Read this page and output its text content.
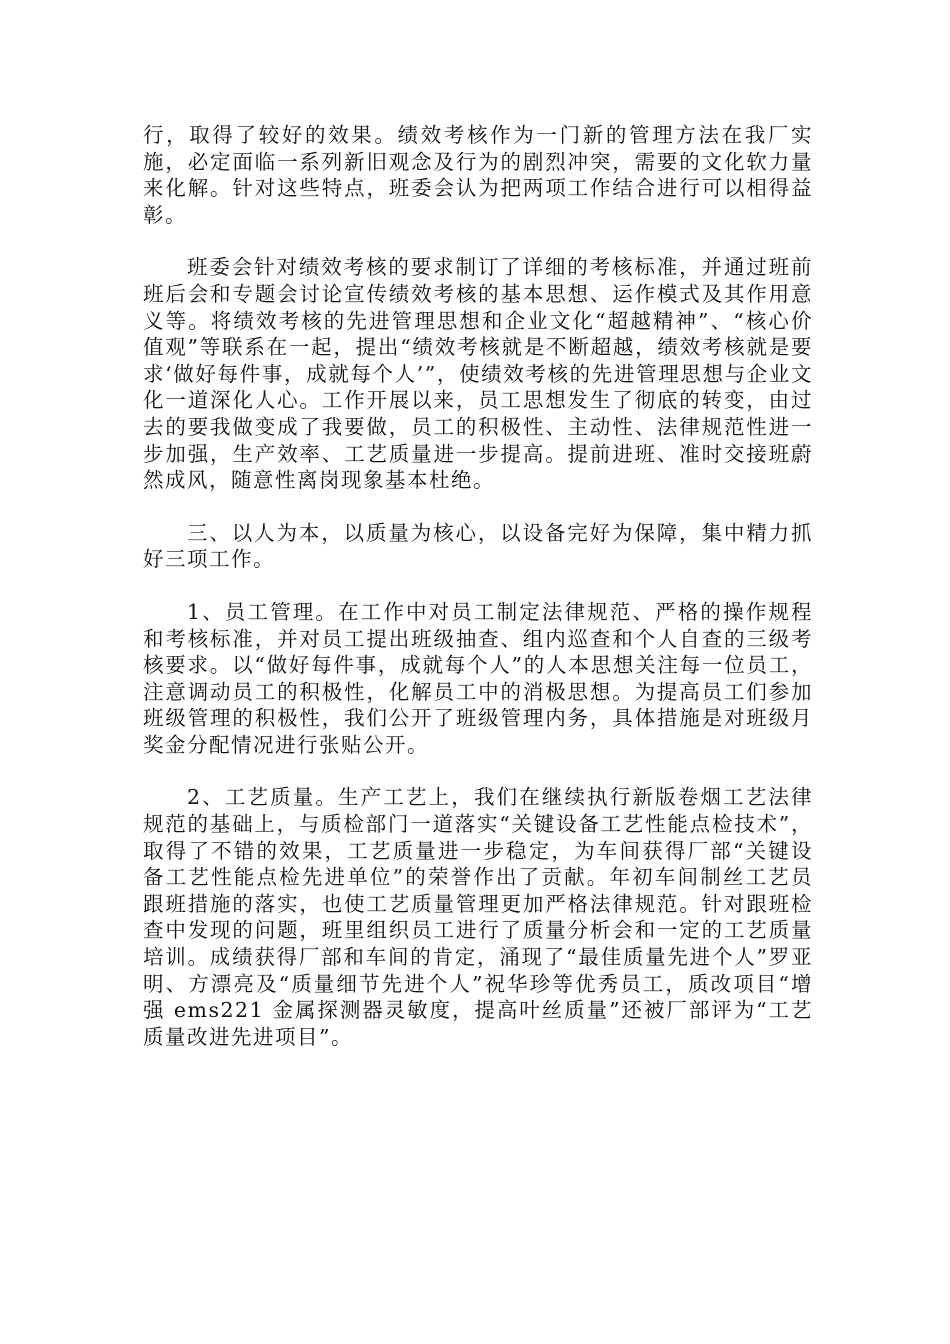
行，取得了较好的效果。绩效考核作为一门新的管理方法在我厂实施，必定面临一系列新旧观念及行为的剧烈冲突，需要的文化软力量来化解。针对这些特点，班委会认为把两项工作结合进行可以相得益彰。

班委会针对绩效考核的要求制订了详细的考核标准，并通过班前班后会和专题会讨论宣传绩效考核的基本思想、运作模式及其作用意义等。将绩效考核的先进管理思想和企业文化“超越精神”、“核心价值观”等联系在一起，提出“绩效考核就是不断超越，绩效考核就是要求‘做好每件事，成就每个人’”，使绩效考核的先进管理思想与企业文化一道深化人心。工作开展以来，员工思想发生了彻底的转变，由过去的要我做变成了我要做，员工的积极性、主动性、法律规范性进一步加强，生产效率、工艺质量进一步提高。提前进班、准时交接班蔚然成风，随意性离岗现象基本杜绝。

三、以人为本，以质量为核心，以设备完好为保障，集中精力抓好三项工作。

1、员工管理。在工作中对员工制定法律规范、严格的操作规程和考核标准，并对员工提出班级抽查、组内巡查和个人自查的三级考核要求。以“做好每件事，成就每个人”的人本思想关注每一位员工，注意调动员工的积极性，化解员工中的消极思想。为提高员工们参加班级管理的积极性，我们公开了班级管理内务，具体措施是对班级月奖金分配情况进行张贴公开。

2、工艺质量。生产工艺上，我们在继续执行新版卷烟工艺法律规范的基础上，与质检部门一道落实“关键设备工艺性能点检技术”，取得了不错的效果，工艺质量进一步稳定，为车间获得厂部“关键设备工艺性能点检先进单位”的荣誉作出了贡献。年初车间制丝工艺员跟班措施的落实，也使工艺质量管理更加严格法律规范。针对跟班检查中发现的问题，班里组织员工进行了质量分析会和一定的工艺质量培训。成绩获得厂部和车间的肯定，涌现了“最佳质量先进个人”罗亚明、方漂亮及“质量细节先进个人”祝华珍等优秀员工，质改项目“增强 ems221 金属探测器灵敏度，提高叶丝质量”还被厂部评为“工艺质量改进先进项目”。
